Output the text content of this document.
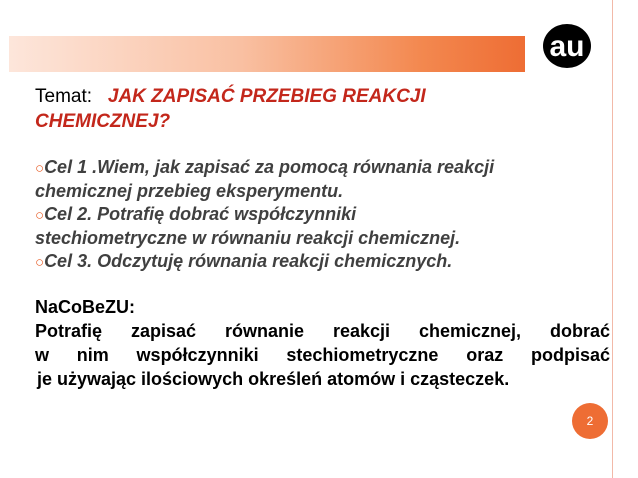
au
Temat: JAK ZAPISAĆ PRZEBIEG REAKCJI
CHEMICZNEJ?

○Cel 1 .Wiem, jak zapisać za pomocą równania reakcji
chemicznej przebieg eksperymentu.

○Cel 2. Potrafię dobrać współczynniki
stechiometryczne w równaniu reakcji chemicznej.

○Cel 3. Odczytuję równania reakcji chemicznych.

NaCoBeZU:
Potrafię zapisać równanie reakcji chemicznej, dobrać
w nim współczynniki stechiometryczne oraz podpisać
je używając ilościowych określeń atomów i cząsteczek.
2
